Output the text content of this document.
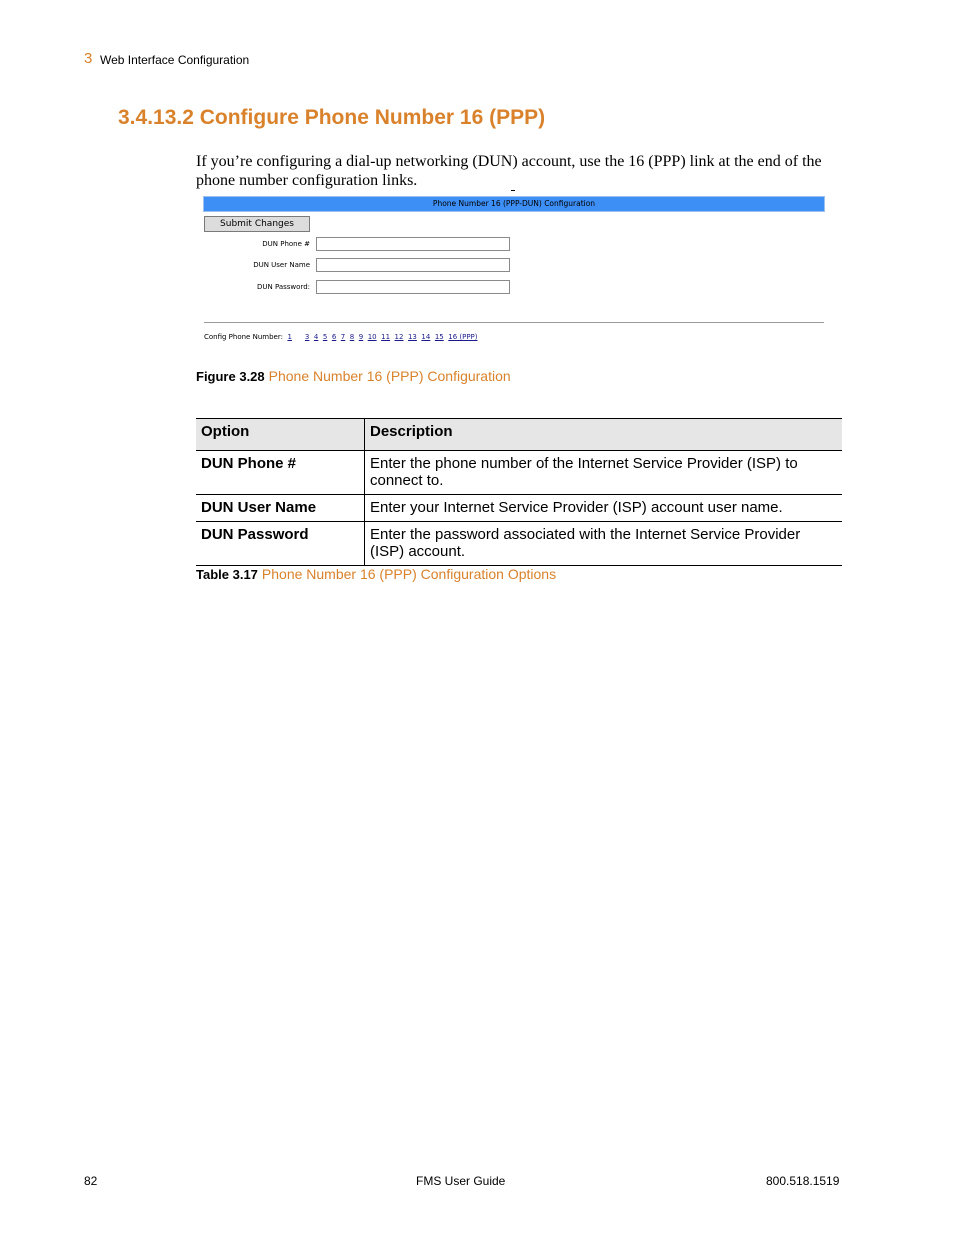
3 Web Interface Configuration
3.4.13.2 Configure Phone Number 16 (PPP)

If you’re configuring a dial-up networking (DUN) account, use the 16 (PPP) link at the end of the phone number configuration links.

Phone Number 16 (PPP-DUN) Configuration
Submit Changes
DUN Phone #
DUN User Name
DUN Password:
Config Phone Number: 1 3 4 5 6 7 8 9 10 11 12 13 14 15 16 (PPP)
Figure 3.28 Phone Number 16 (PPP) Configuration
Option	Description
DUN Phone #	Enter the phone number of the Internet Service Provider (ISP) to connect to.
DUN User Name	Enter your Internet Service Provider (ISP) account user name.
DUN Password	Enter the password associated with the Internet Service Provider (ISP) account.
Table 3.17 Phone Number 16 (PPP) Configuration Options
82	FMS User Guide	800.518.1519
